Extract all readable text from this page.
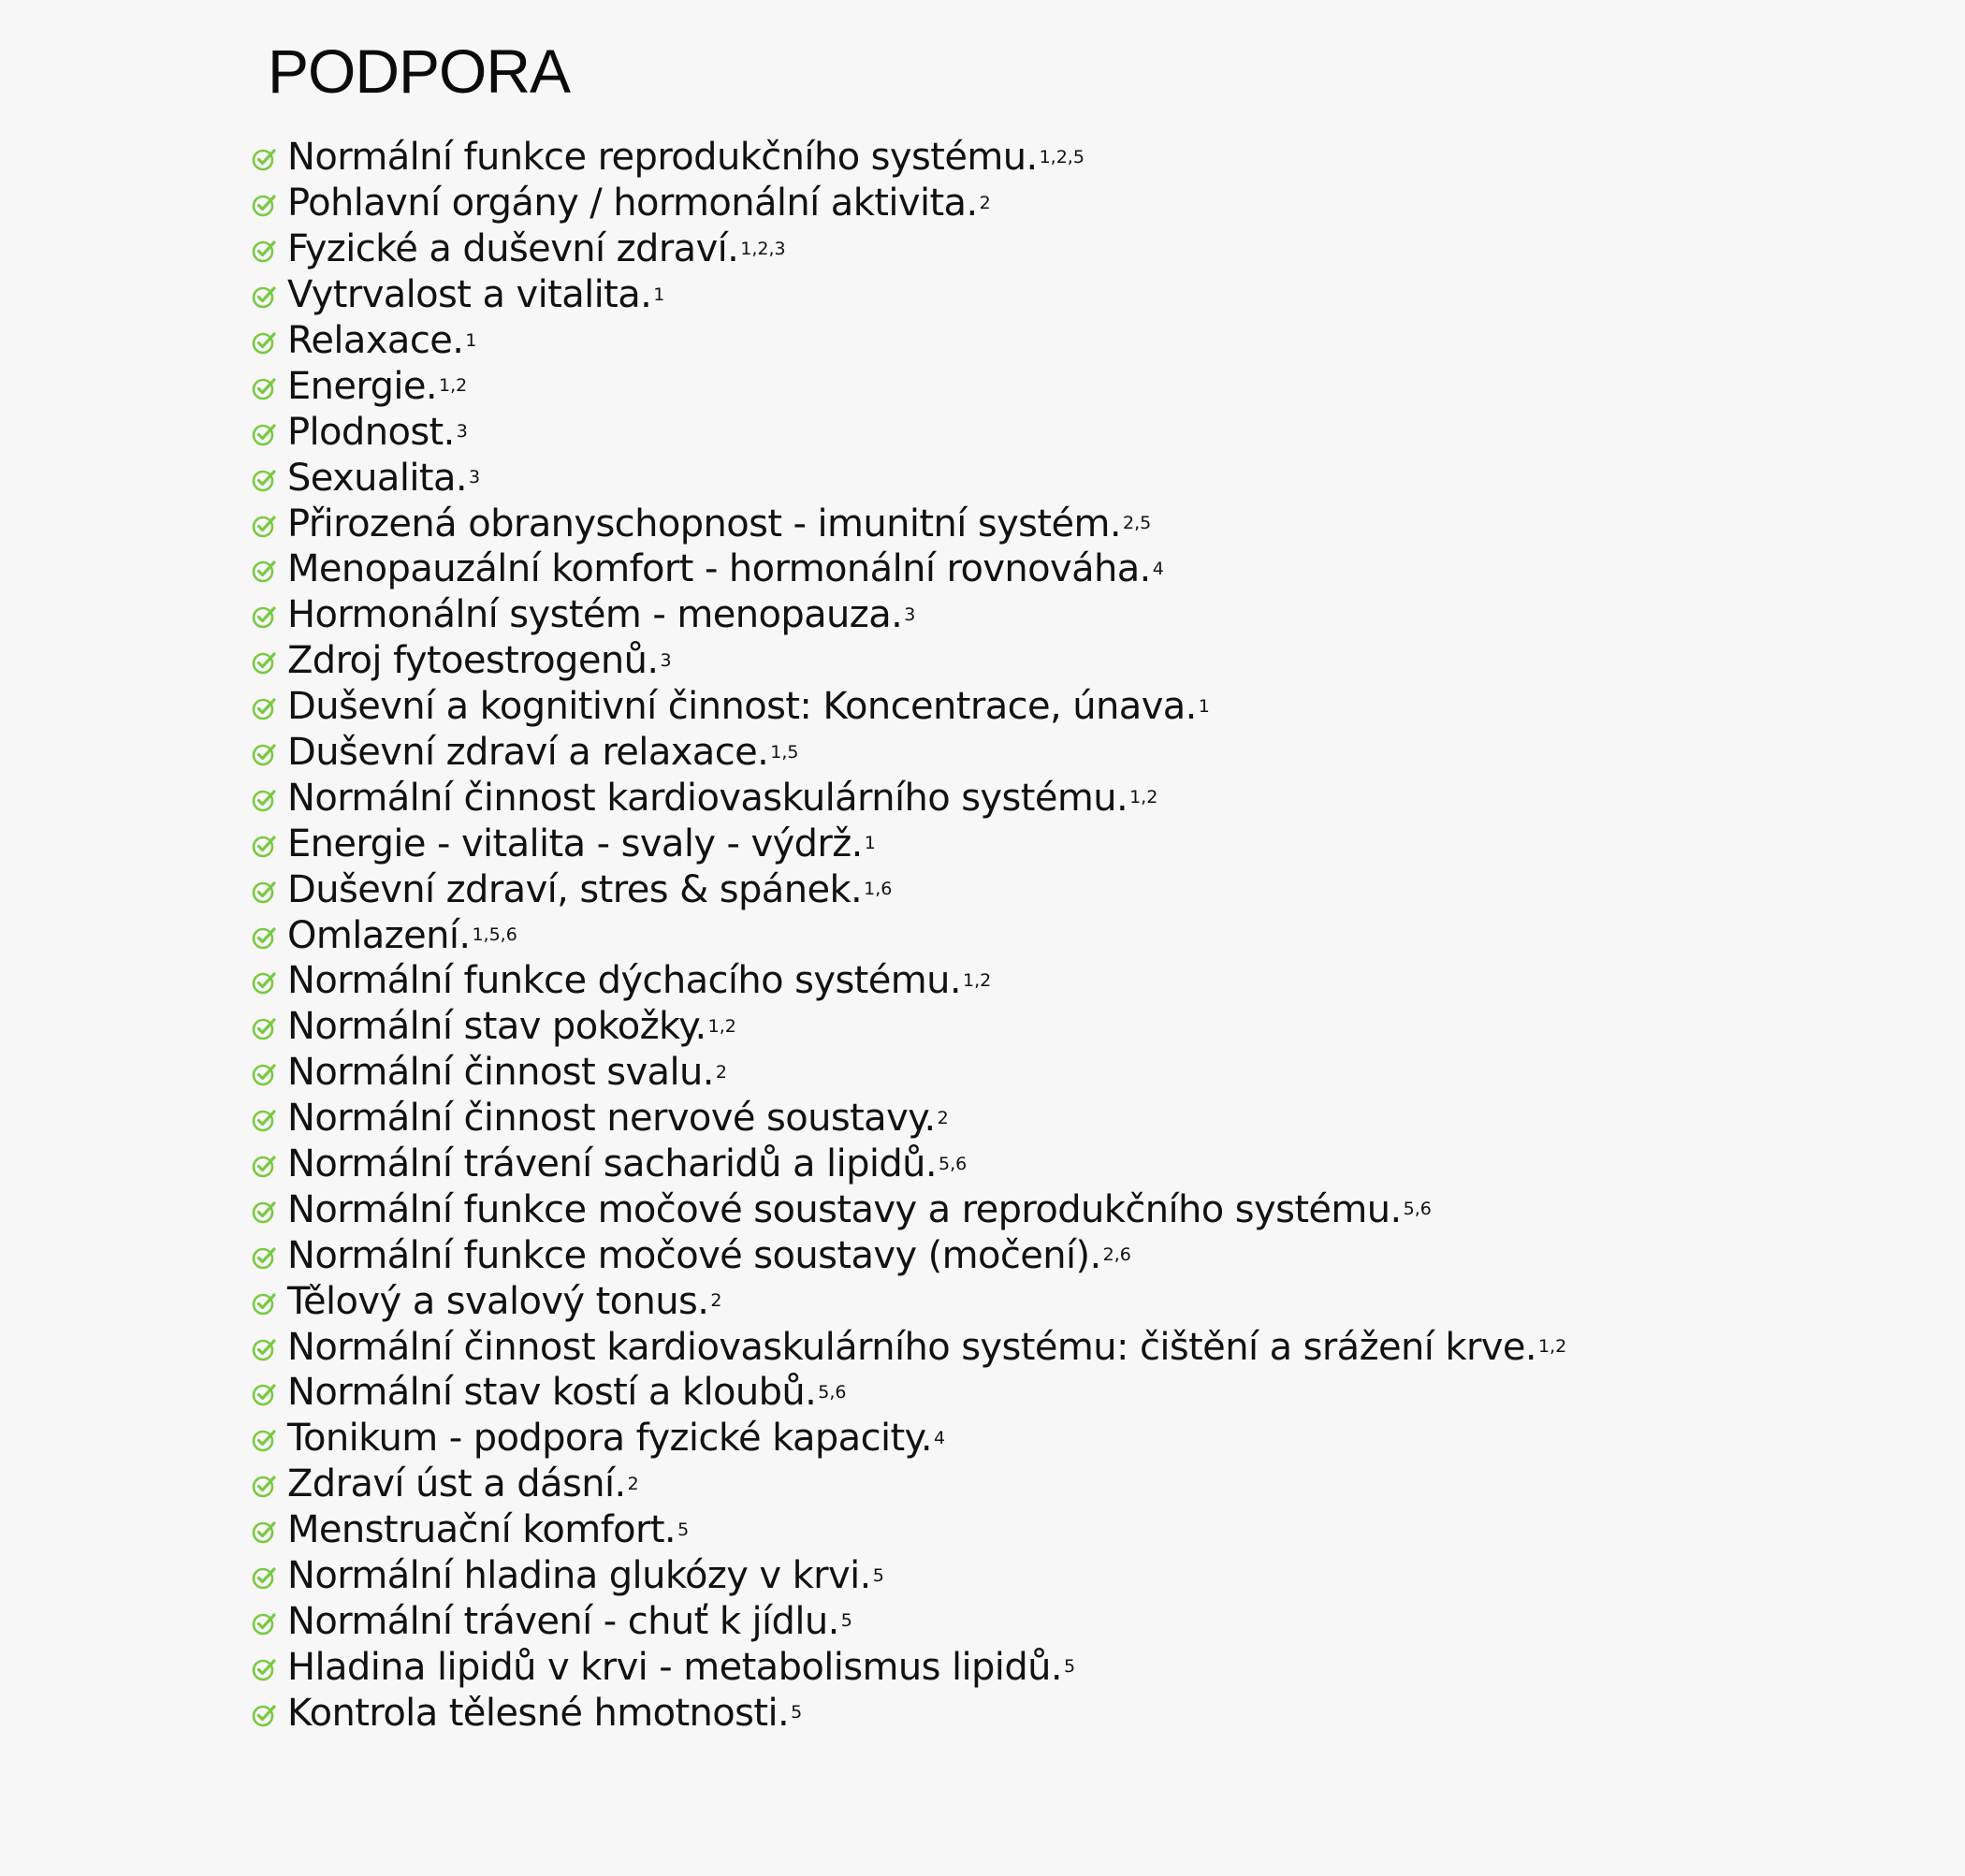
PODPORA
Normální funkce reprodukčního systému. 1,2,5
Pohlavní orgány / hormonální aktivita. 2
Fyzické a duševní zdraví. 1,2,3
Vytrvalost a vitalita. 1
Relaxace. 1
Energie. 1,2
Plodnost. 3
Sexualita. 3
Přirozená obranyschopnost - imunitní systém. 2,5
Menopauzální komfort - hormonální rovnováha. 4
Hormonální systém - menopauza. 3
Zdroj fytoestrogenů. 3
Duševní a kognitivní činnost: Koncentrace, únava. 1
Duševní zdraví a relaxace. 1,5
Normální činnost kardiovaskulárního systému. 1,2
Energie - vitalita - svaly - výdrž. 1
Duševní zdraví, stres & spánek. 1,6
Omlazení. 1,5,6
Normální funkce dýchacího systému. 1,2
Normální stav pokožky. 1,2
Normální činnost svalu. 2
Normální činnost nervové soustavy. 2
Normální trávení sacharidů a lipidů. 5,6
Normální funkce močové soustavy a reprodukčního systému. 5,6
Normální funkce močové soustavy (močení). 2,6
Tělový a svalový tonus. 2
Normální činnost kardiovaskulárního systému: čištění a srážení krve. 1,2
Normální stav kostí a kloubů. 5,6
Tonikum - podpora fyzické kapacity. 4
Zdraví úst a dásní. 2
Menstruační komfort. 5
Normální hladina glukózy v krvi. 5
Normální trávení - chuť k jídlu. 5
Hladina lipidů v krvi - metabolismus lipidů. 5
Kontrola tělesné hmotnosti. 5
